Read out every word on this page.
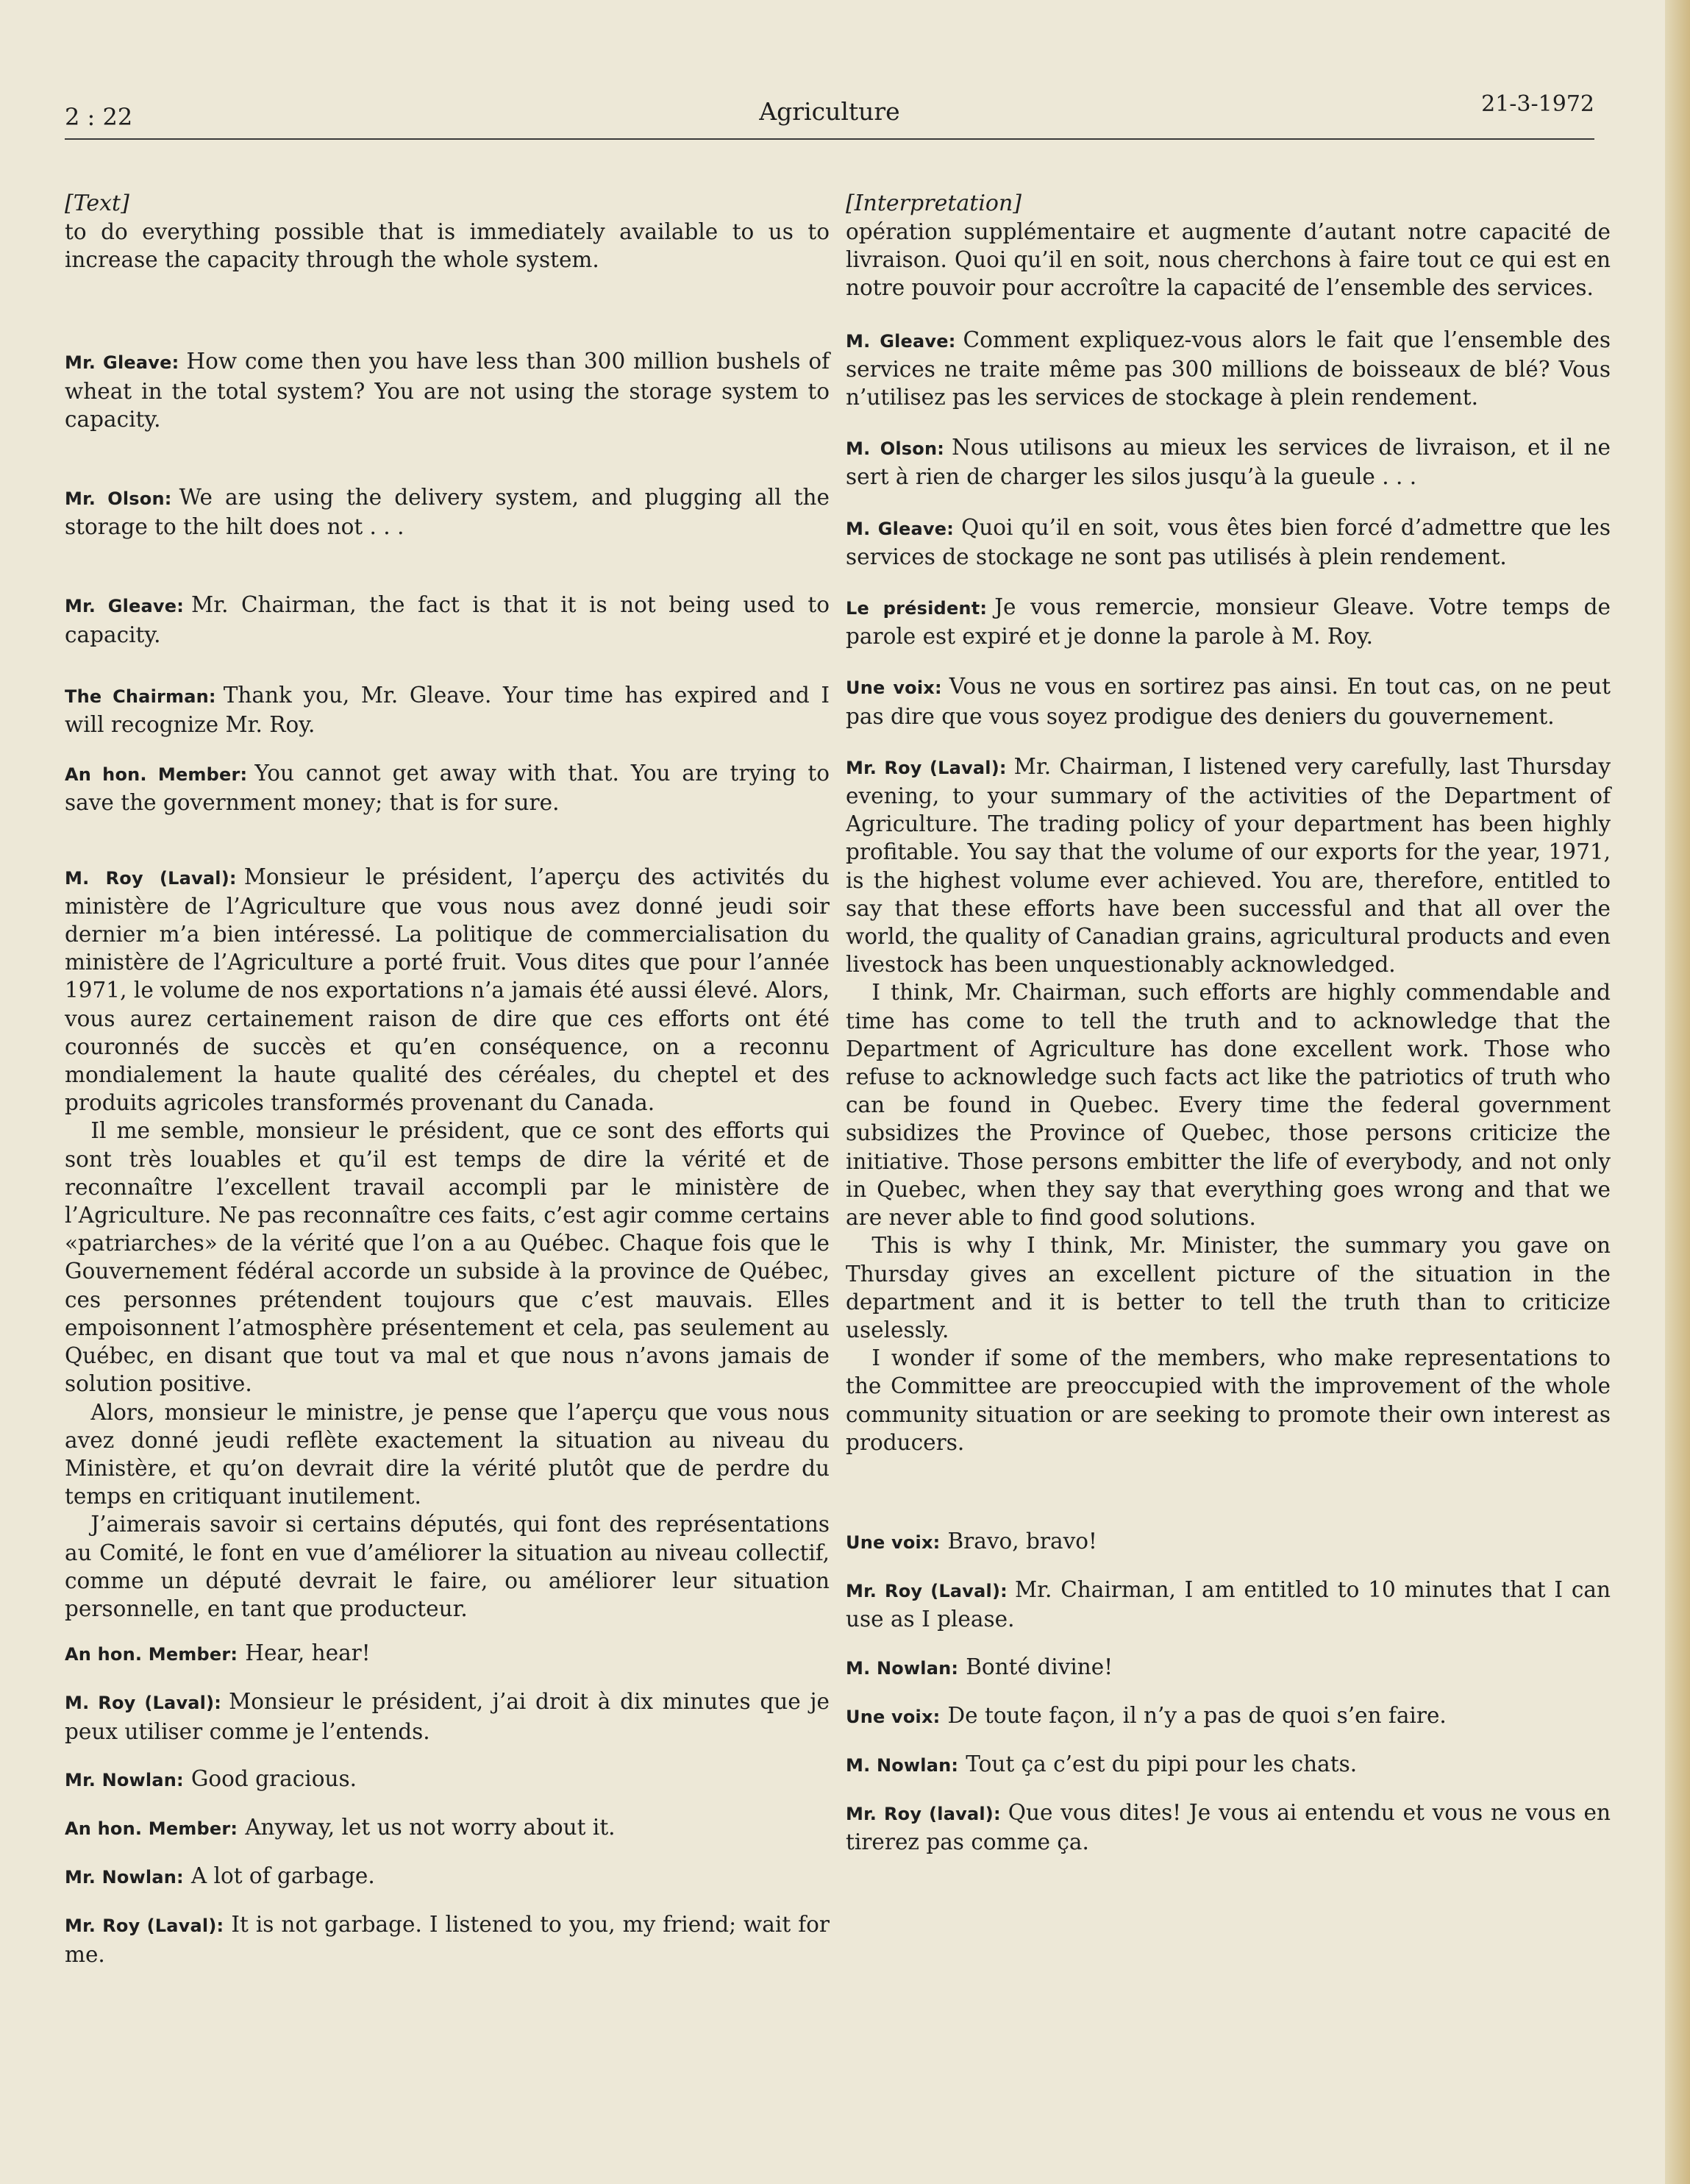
2 : 22	Agriculture	21-3-1972
[Text]

to do everything possible that is immediately available to us to increase the capacity through the whole system.

Mr. Gleave: How come then you have less than 300 million bushels of wheat in the total system? You are not using the storage system to capacity.

Mr. Olson: We are using the delivery system, and plugging all the storage to the hilt does not . . .

Mr. Gleave: Mr. Chairman, the fact is that it is not being used to capacity.

The Chairman: Thank you, Mr. Gleave. Your time has expired and I will recognize Mr. Roy.

An hon. Member: You cannot get away with that. You are trying to save the government money; that is for sure.

M. Roy (Laval): Monsieur le président, l’aperçu des activités du ministère de l’Agriculture que vous nous avez donné jeudi soir dernier m’a bien intéressé. La politique de commercialisation du ministère de l’Agriculture a porté fruit. Vous dites que pour l’année 1971, le volume de nos exportations n’a jamais été aussi élevé. Alors, vous aurez certainement raison de dire que ces efforts ont été couronnés de succès et qu’en conséquence, on a reconnu mondialement la haute qualité des céréales, du cheptel et des produits agricoles transformés provenant du Canada.

Il me semble, monsieur le président, que ce sont des efforts qui sont très louables et qu’il est temps de dire la vérité et de reconnaître l’excellent travail accompli par le ministère de l’Agriculture. Ne pas reconnaître ces faits, c’est agir comme certains «patriarches» de la vérité que l’on a au Québec. Chaque fois que le Gouvernement fédéral accorde un subside à la province de Québec, ces personnes prétendent toujours que c’est mauvais. Elles empoisonnent l’atmosphère présentement et cela, pas seulement au Québec, en disant que tout va mal et que nous n’avons jamais de solution positive.

Alors, monsieur le ministre, je pense que l’aperçu que vous nous avez donné jeudi reflète exactement la situation au niveau du Ministère, et qu’on devrait dire la vérité plutôt que de perdre du temps en critiquant inutilement.

J’aimerais savoir si certains députés, qui font des représentations au Comité, le font en vue d’améliorer la situation au niveau collectif, comme un député devrait le faire, ou améliorer leur situation personnelle, en tant que producteur.

An hon. Member: Hear, hear!

M. Roy (Laval): Monsieur le président, j’ai droit à dix minutes que je peux utiliser comme je l’entends.

Mr. Nowlan: Good gracious.

An hon. Member: Anyway, let us not worry about it.

Mr. Nowlan: A lot of garbage.

Mr. Roy (Laval): It is not garbage. I listened to you, my friend; wait for me.

[Interpretation]

opération supplémentaire et augmente d’autant notre capacité de livraison. Quoi qu’il en soit, nous cherchons à faire tout ce qui est en notre pouvoir pour accroître la capacité de l’ensemble des services.

M. Gleave: Comment expliquez-vous alors le fait que l’ensemble des services ne traite même pas 300 millions de boisseaux de blé? Vous n’utilisez pas les services de stockage à plein rendement.

M. Olson: Nous utilisons au mieux les services de livraison, et il ne sert à rien de charger les silos jusqu’à la gueule . . .

M. Gleave: Quoi qu’il en soit, vous êtes bien forcé d’admettre que les services de stockage ne sont pas utilisés à plein rendement.

Le président: Je vous remercie, monsieur Gleave. Votre temps de parole est expiré et je donne la parole à M. Roy.

Une voix: Vous ne vous en sortirez pas ainsi. En tout cas, on ne peut pas dire que vous soyez prodigue des deniers du gouvernement.

Mr. Roy (Laval): Mr. Chairman, I listened very carefully, last Thursday evening, to your summary of the activities of the Department of Agriculture. The trading policy of your department has been highly profitable. You say that the volume of our exports for the year, 1971, is the highest volume ever achieved. You are, therefore, entitled to say that these efforts have been successful and that all over the world, the quality of Canadian grains, agricultural products and even livestock has been unquestionably acknowledged.

I think, Mr. Chairman, such efforts are highly commendable and time has come to tell the truth and to acknowledge that the Department of Agriculture has done excellent work. Those who refuse to acknowledge such facts act like the patriotics of truth who can be found in Quebec. Every time the federal government subsidizes the Province of Quebec, those persons criticize the initiative. Those persons embitter the life of everybody, and not only in Quebec, when they say that everything goes wrong and that we are never able to find good solutions.

This is why I think, Mr. Minister, the summary you gave on Thursday gives an excellent picture of the situation in the department and it is better to tell the truth than to criticize uselessly.

I wonder if some of the members, who make representations to the Committee are preoccupied with the improvement of the whole community situation or are seeking to promote their own interest as producers.

Une voix: Bravo, bravo!

Mr. Roy (Laval): Mr. Chairman, I am entitled to 10 minutes that I can use as I please.

M. Nowlan: Bonté divine!

Une voix: De toute façon, il n’y a pas de quoi s’en faire.

M. Nowlan: Tout ça c’est du pipi pour les chats.

Mr. Roy (laval): Que vous dites! Je vous ai entendu et vous ne vous en tirerez pas comme ça.
